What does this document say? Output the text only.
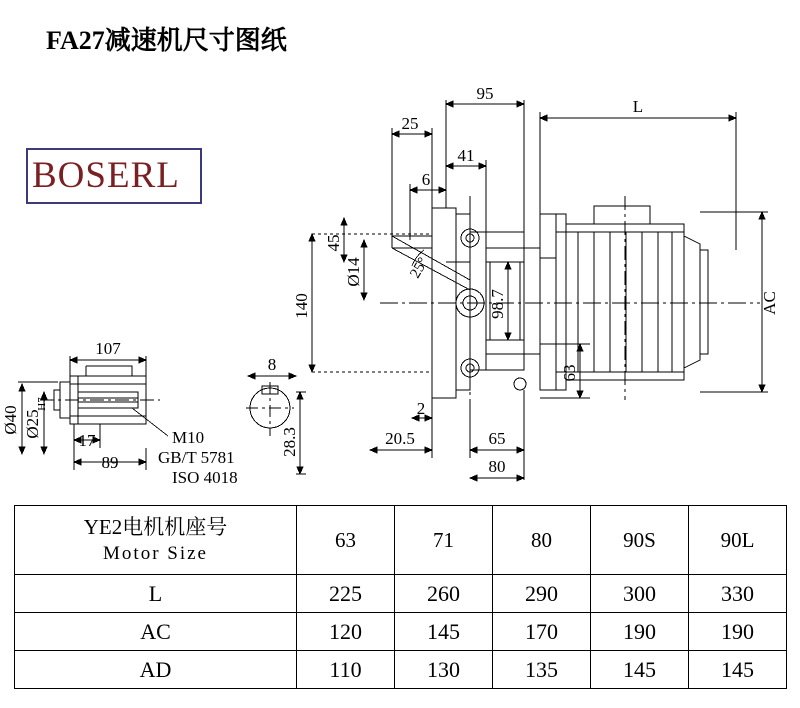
FA27减速机尺寸图纸
BOSERL
95
L
25
41
6
2
20.5	65
80
107
8
17
89
45
Ø14
140	AC
98.7
63
Ø40 Ø25
H7
28.3
25°
M10
GB/T 5781
ISO 4018
YE2电机机座号
Motor Size	63	71	80	90S	90L
L	225	260	290	300	330
AC	120	145	170	190	190
AD	110	130	135	145	145
